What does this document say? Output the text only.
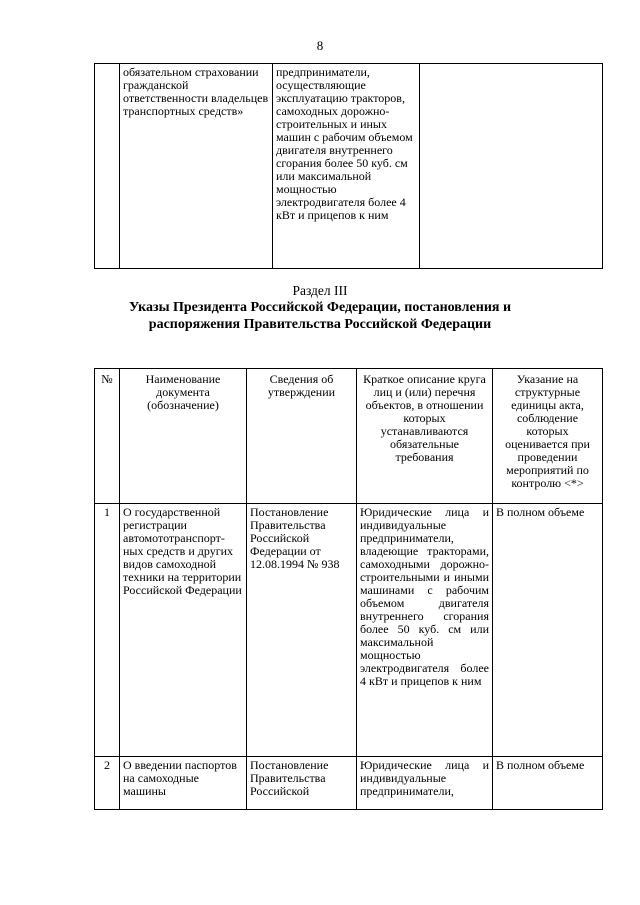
8
	обязательном страховании гражданской ответственности владельцев транспортных средств»	предприниматели, осуществляющие эксплуатацию тракторов, самоходных дорожно-строительных и иных машин с рабочим объемом двигателя внутреннего сгорания более 50 куб. см или максимальной мощностью электродвигателя более 4 кВт и прицепов к ним	
Раздел III
Указы Президента Российской Федерации, постановления и распоряжения Правительства Российской Федерации
№	Наименование документа (обозначение)	Сведения об утверждении	Краткое описание круга лиц и (или) перечня объектов, в отношении которых устанавливаются обязательные требования	Указание на структурные единицы акта, соблюдение которых оценивается при проведении мероприятий по контролю <*>
1	О государственной регистрации автомототранспорт-ных средств и других видов самоходной техники на территории Российской Федерации	Постановление Правительства Российской Федерации от 12.08.1994 № 938	Юридические лица и индивидуальные предприниматели, владеющие тракторами, самоходными дорожно-строительными и иными машинами с рабочим объемом двигателя внутреннего сгорания более 50 куб. см или максимальной мощностью электродвигателя более 4 кВт и прицепов к ним	В полном объеме
2	О введении паспортов на самоходные машины	Постановление Правительства Российской	Юридические лица и индивидуальные предприниматели,	В полном объеме
